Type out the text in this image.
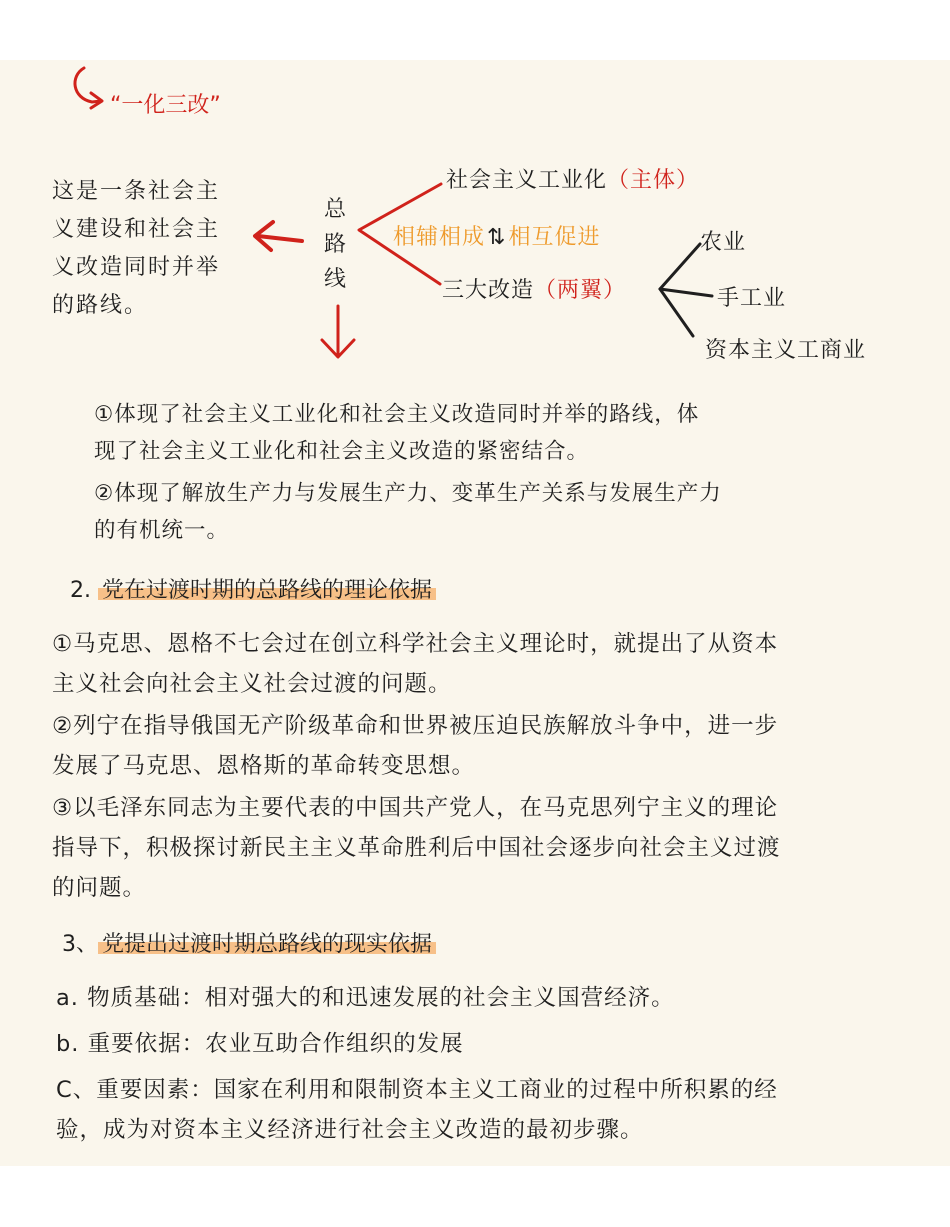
“一化三改”
这是一条社会主
义建设和社会主
义改造同时并举
的路线。
总
路
线
社会主义工业化（主体）
相辅相成⇅相互促进
三大改造（两翼）
农业
手工业
资本主义工商业
①体现了社会主义工业化和社会主义改造同时并举的路线，体
现了社会主义工业化和社会主义改造的紧密结合。
②体现了解放生产力与发展生产力、变革生产关系与发展生产力
的有机统一。
2. 党在过渡时期的总路线的理论依据
①马克思、恩格不七会过在创立科学社会主义理论时，就提出了从资本
主义社会向社会主义社会过渡的问题。
②列宁在指导俄国无产阶级革命和世界被压迫民族解放斗争中，进一步
发展了马克思、恩格斯的革命转变思想。
③以毛泽东同志为主要代表的中国共产党人，在马克思列宁主义的理论
指导下，积极探讨新民主主义革命胜利后中国社会逐步向社会主义过渡
的问题。
3、 党提出过渡时期总路线的现实依据
a. 物质基础：相对强大的和迅速发展的社会主义国营经济。
b. 重要依据：农业互助合作组织的发展
C、重要因素：国家在利用和限制资本主义工商业的过程中所积累的经
验，成为对资本主义经济进行社会主义改造的最初步骤。
